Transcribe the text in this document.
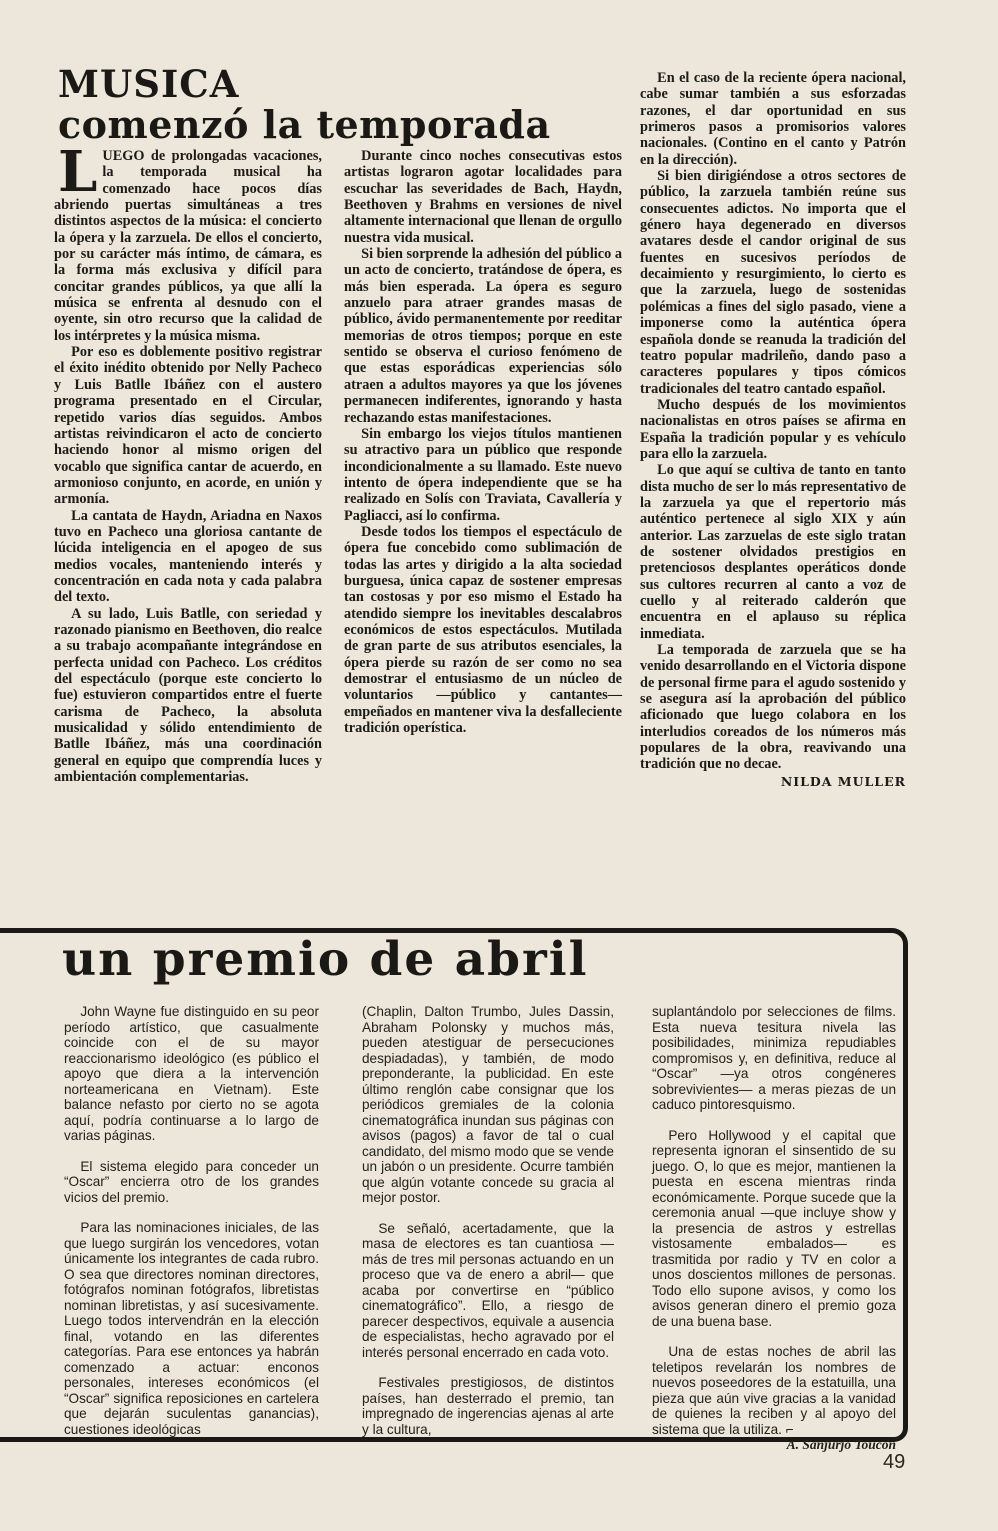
MUSICA
comenzó la temporada

LUEGO de prolongadas vacaciones, la temporada musical ha comenzado hace pocos días abriendo puertas simultáneas a tres distintos aspectos de la música: el concierto la ópera y la zarzuela. De ellos el concierto, por su carácter más íntimo, de cámara, es la forma más exclusiva y difícil para concitar grandes públicos, ya que allí la música se enfrenta al desnudo con el oyente, sin otro recurso que la calidad de los intérpretes y la música misma.

Por eso es doblemente positivo registrar el éxito inédito obtenido por Nelly Pacheco y Luis Batlle Ibáñez con el austero programa presentado en el Circular, repetido varios días seguidos. Ambos artistas reivindicaron el acto de concierto haciendo honor al mismo origen del vocablo que significa cantar de acuerdo, en armonioso conjunto, en acorde, en unión y armonía.

La cantata de Haydn, Ariadna en Naxos tuvo en Pacheco una gloriosa cantante de lúcida inteligencia en el apogeo de sus medios vocales, manteniendo interés y concentración en cada nota y cada palabra del texto.

A su lado, Luis Batlle, con seriedad y razonado pianismo en Beethoven, dio realce a su trabajo acompañante integrándose en perfecta unidad con Pacheco. Los créditos del espectáculo (porque este concierto lo fue) estuvieron compartidos entre el fuerte carisma de Pacheco, la absoluta musicalidad y sólido entendimiento de Batlle Ibáñez, más una coordinación general en equipo que comprendía luces y ambientación complementarias.

Durante cinco noches consecutivas estos artistas lograron agotar localidades para escuchar las severidades de Bach, Haydn, Beethoven y Brahms en versiones de nivel altamente internacional que llenan de orgullo nuestra vida musical.

Si bien sorprende la adhesión del público a un acto de concierto, tratándose de ópera, es más bien esperada. La ópera es seguro anzuelo para atraer grandes masas de público, ávido permanentemente por reeditar memorias de otros tiempos; porque en este sentido se observa el curioso fenómeno de que estas esporádicas experiencias sólo atraen a adultos mayores ya que los jóvenes permanecen indiferentes, ignorando y hasta rechazando estas manifestaciones.

Sin embargo los viejos títulos mantienen su atractivo para un público que responde incondicionalmente a su llamado. Este nuevo intento de ópera independiente que se ha realizado en Solís con Traviata, Cavallería y Pagliacci, así lo confirma.

Desde todos los tiempos el espectáculo de ópera fue concebido como sublimación de todas las artes y dirigido a la alta sociedad burguesa, única capaz de sostener empresas tan costosas y por eso mismo el Estado ha atendido siempre los inevitables descalabros económicos de estos espectáculos. Mutilada de gran parte de sus atributos esenciales, la ópera pierde su razón de ser como no sea demostrar el entusiasmo de un núcleo de voluntarios —público y cantantes— empeñados en mantener viva la desfalleciente tradición operística.

En el caso de la reciente ópera nacional, cabe sumar también a sus esforzadas razones, el dar oportunidad en sus primeros pasos a promisorios valores nacionales. (Contino en el canto y Patrón en la dirección).

Si bien dirigiéndose a otros sectores de público, la zarzuela también reúne sus consecuentes adictos. No importa que el género haya degenerado en diversos avatares desde el candor original de sus fuentes en sucesivos períodos de decaimiento y resurgimiento, lo cierto es que la zarzuela, luego de sostenidas polémicas a fines del siglo pasado, viene a imponerse como la auténtica ópera española donde se reanuda la tradición del teatro popular madrileño, dando paso a caracteres populares y tipos cómicos tradicionales del teatro cantado español.

Mucho después de los movimientos nacionalistas en otros países se afirma en España la tradición popular y es vehículo para ello la zarzuela.

Lo que aquí se cultiva de tanto en tanto dista mucho de ser lo más representativo de la zarzuela ya que el repertorio más auténtico pertenece al siglo XIX y aún anterior. Las zarzuelas de este siglo tratan de sostener olvidados prestigios en pretenciosos desplantes operáticos donde sus cultores recurren al canto a voz de cuello y al reiterado calderón que encuentra en el aplauso su réplica inmediata.

La temporada de zarzuela que se ha venido desarrollando en el Victoria dispone de personal firme para el agudo sostenido y se asegura así la aprobación del público aficionado que luego colabora en los interludios coreados de los números más populares de la obra, reavivando una tradición que no decae.

NILDA MULLER
un premio de abril

John Wayne fue distinguido en su peor período artístico, que casualmente coincide con el de su mayor reaccionarismo ideológico (es público el apoyo que diera a la intervención norteamericana en Vietnam). Este balance nefasto por cierto no se agota aquí, podría continuarse a lo largo de varias páginas.

El sistema elegido para conceder un “Oscar” encierra otro de los grandes vicios del premio.

Para las nominaciones iniciales, de las que luego surgirán los vencedores, votan únicamente los integrantes de cada rubro. O sea que directores nominan directores, fotógrafos nominan fotógrafos, libretistas nominan libretistas, y así sucesivamente. Luego todos intervendrán en la elección final, votando en las diferentes categorías. Para ese entonces ya habrán comenzado a actuar: enconos personales, intereses económicos (el “Oscar” significa reposiciones en cartelera que dejarán suculentas ganancias), cuestiones ideológicas

(Chaplin, Dalton Trumbo, Jules Dassin, Abraham Polonsky y muchos más, pueden atestiguar de persecuciones despiadadas), y también, de modo preponderante, la publicidad. En este último renglón cabe consignar que los periódicos gremiales de la colonia cinematográfica inundan sus páginas con avisos (pagos) a favor de tal o cual candidato, del mismo modo que se vende un jabón o un presidente. Ocurre también que algún votante concede su gracia al mejor postor.

Se señaló, acertadamente, que la masa de electores es tan cuantiosa —más de tres mil personas actuando en un proceso que va de enero a abril— que acaba por convertirse en “público cinematográfico”. Ello, a riesgo de parecer despectivos, equivale a ausencia de especialistas, hecho agravado por el interés personal encerrado en cada voto.

Festivales prestigiosos, de distintos países, han desterrado el premio, tan impregnado de ingerencias ajenas al arte y la cultura,

suplantándolo por selecciones de films. Esta nueva tesitura nivela las posibilidades, minimiza repudiables compromisos y, en definitiva, reduce al “Oscar” —ya otros congéneres sobrevivientes— a meras piezas de un caduco pintoresquismo.

Pero Hollywood y el capital que representa ignoran el sinsentido de su juego. O, lo que es mejor, mantienen la puesta en escena mientras rinda económicamente. Porque sucede que la ceremonia anual —que incluye show y la presencia de astros y estrellas vistosamente embalados— es trasmitida por radio y TV en color a unos doscientos millones de personas. Todo ello supone avisos, y como los avisos generan dinero el premio goza de una buena base.

Una de estas noches de abril las teletipos revelarán los nombres de nuevos poseedores de la estatuilla, una pieza que aún vive gracias a la vanidad de quienes la reciben y al apoyo del sistema que la utiliza. ⌐

A. Sanjurjo Toucon
49
